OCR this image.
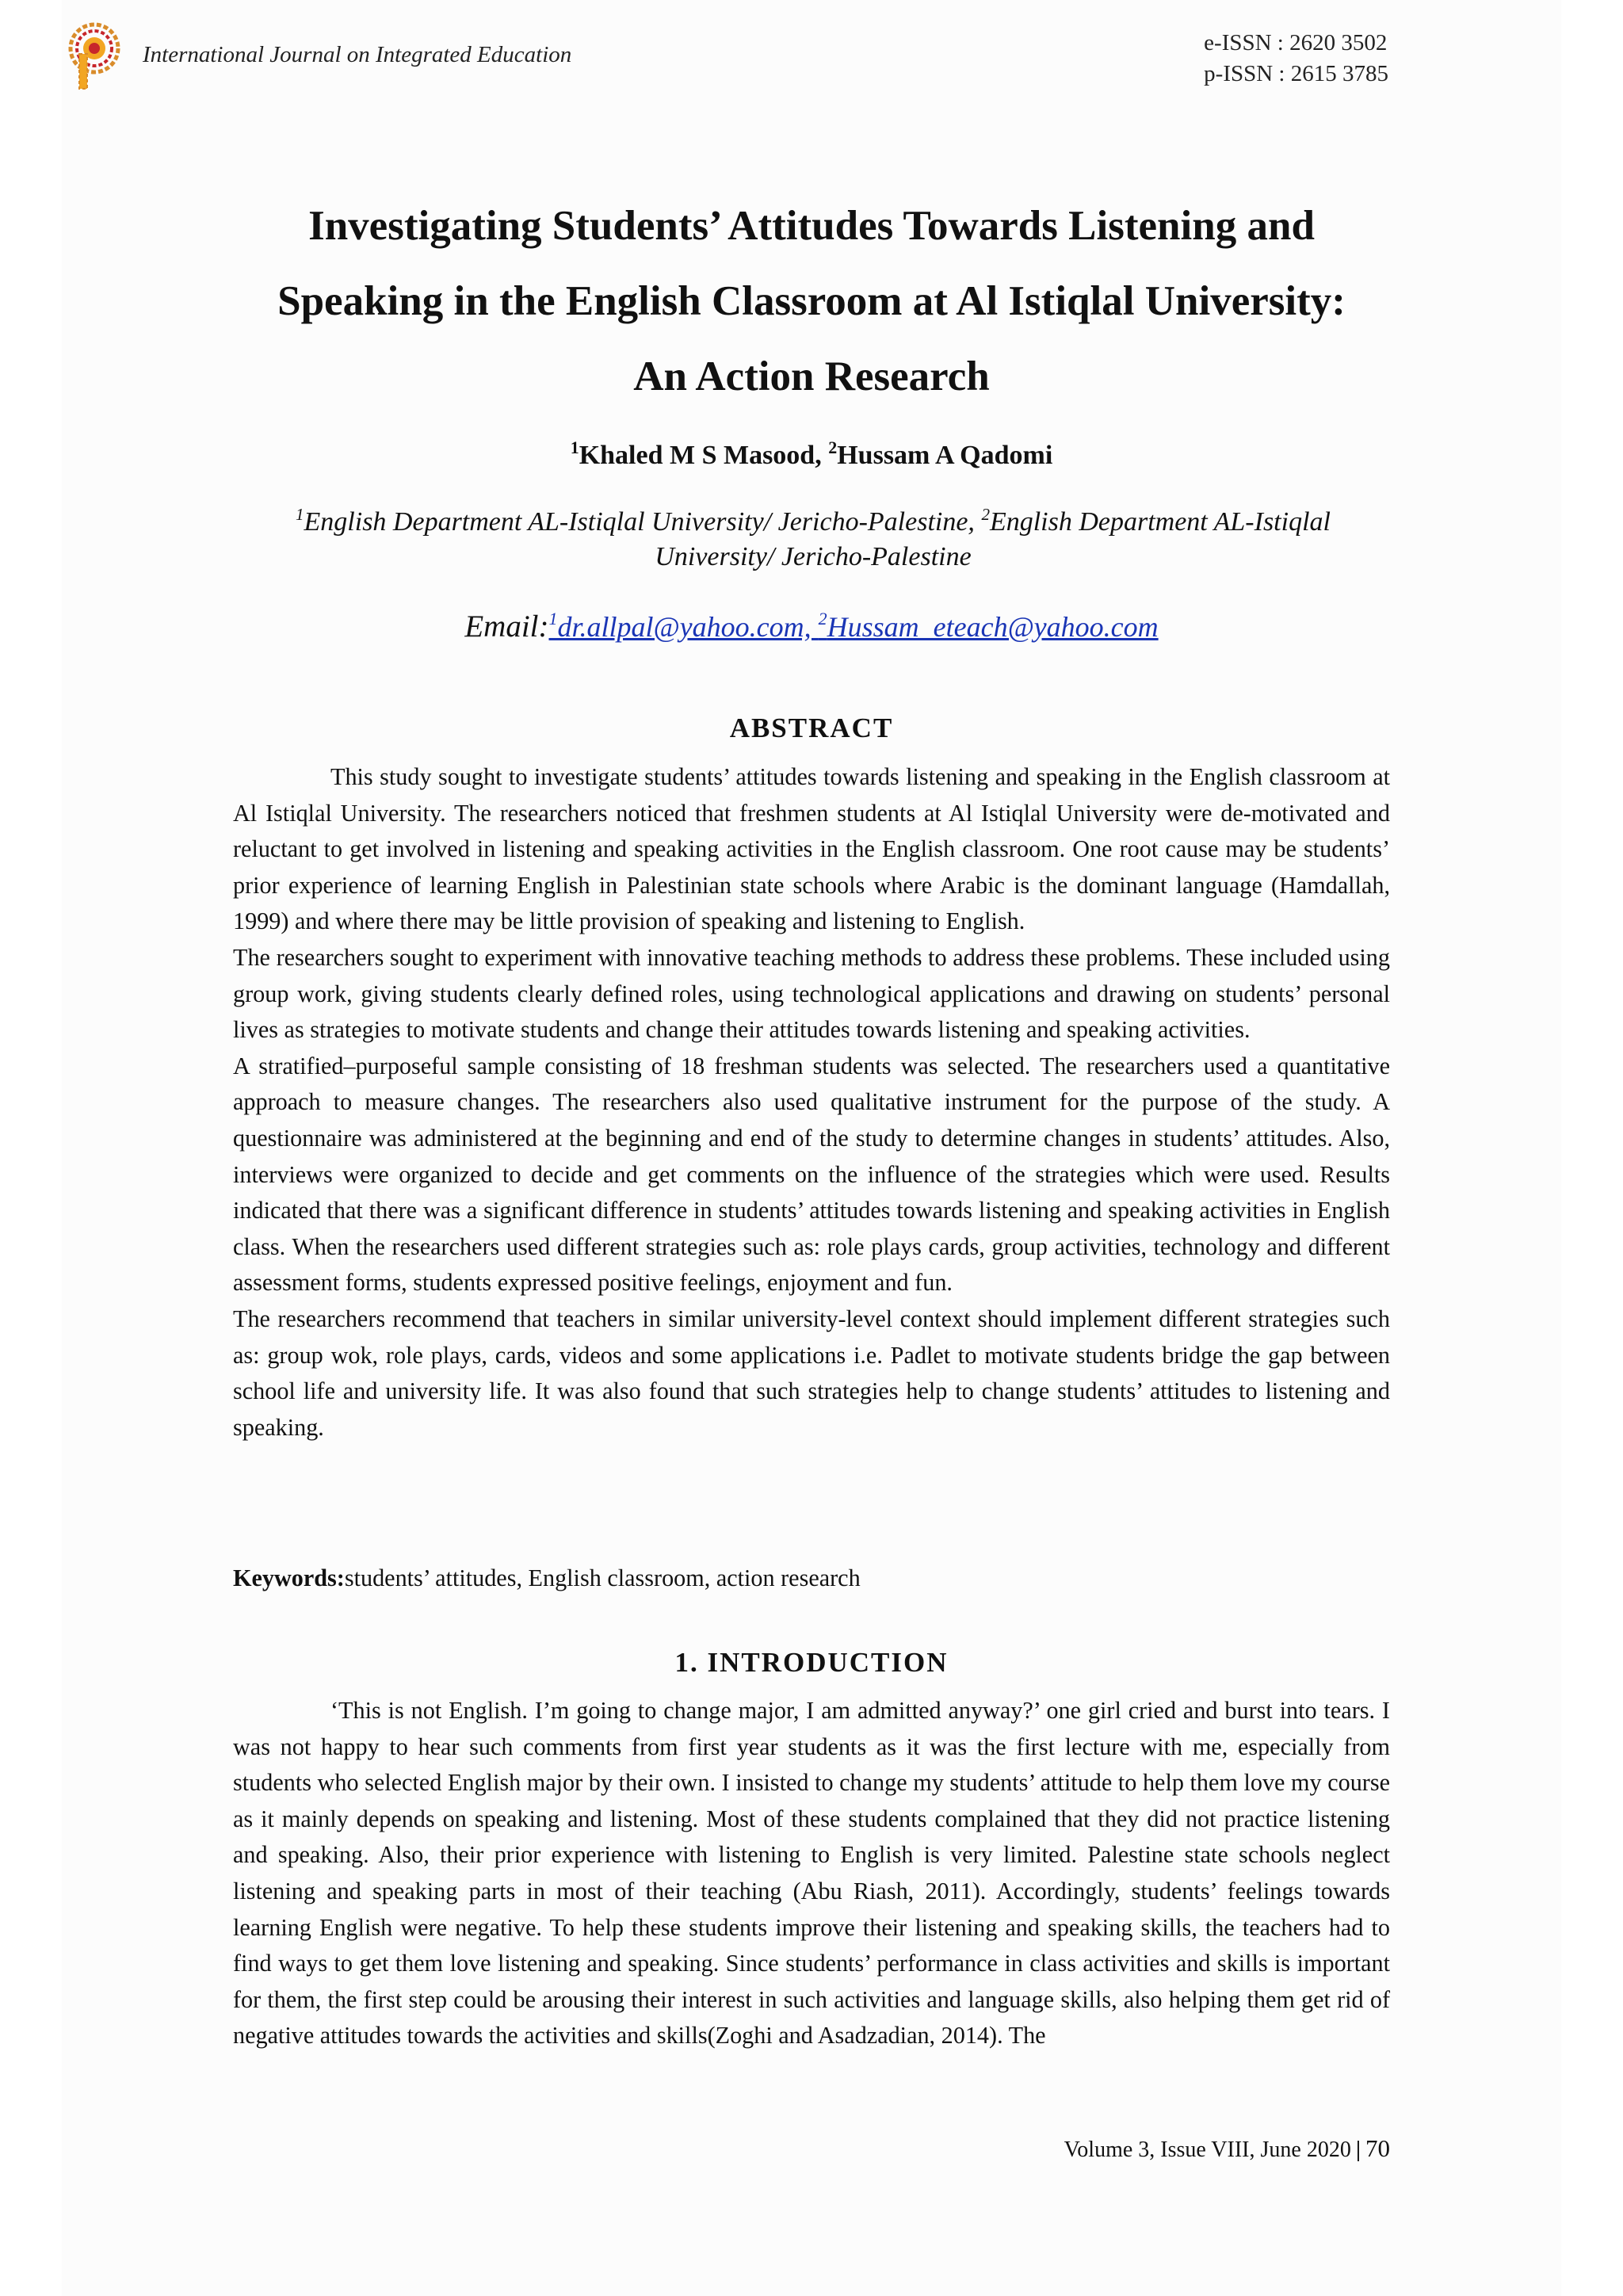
International Journal on Integrated Education	e-ISSN : 2620 3502
p-ISSN : 2615 3785
Investigating Students’ Attitudes Towards Listening and
Speaking in the English Classroom at Al Istiqlal University:
An Action Research
$^1$Khaled M S Masood, $^2$Hussam A Qadomi
$^1$English Department AL-Istiqlal University/ Jericho-Palestine, $^2$English Department AL-Istiqlal
University/ Jericho-Palestine
Email:$^1$dr.allpal@yahoo.com, $^2$Hussam_eteach@yahoo.com
ABSTRACT

This study sought to investigate students’ attitudes towards listening and speaking in the English classroom at Al Istiqlal University. The researchers noticed that freshmen students at Al Istiqlal University were de-motivated and reluctant to get involved in listening and speaking activities in the English classroom. One root cause may be students’ prior experience of learning English in Palestinian state schools where Arabic is the dominant language (Hamdallah, 1999) and where there may be little provision of speaking and listening to English.

The researchers sought to experiment with innovative teaching methods to address these problems. These included using group work, giving students clearly defined roles, using technological applications and drawing on students’ personal lives as strategies to motivate students and change their attitudes towards listening and speaking activities.

A stratified–purposeful sample consisting of 18 freshman students was selected. The researchers used a quantitative approach to measure changes. The researchers also used qualitative instrument for the purpose of the study. A questionnaire was administered at the beginning and end of the study to determine changes in students’ attitudes. Also, interviews were organized to decide and get comments on the influence of the strategies which were used. Results indicated that there was a significant difference in students’ attitudes towards listening and speaking activities in English class. When the researchers used different strategies such as: role plays cards, group activities, technology and different assessment forms, students expressed positive feelings, enjoyment and fun.

The researchers recommend that teachers in similar university-level context should implement different strategies such as: group wok, role plays, cards, videos and some applications i.e. Padlet to motivate students bridge the gap between school life and university life. It was also found that such strategies help to change students’ attitudes to listening and speaking.

Keywords:students’ attitudes, English classroom, action research
1. INTRODUCTION

‘This is not English. I’m going to change major, I am admitted anyway?’ one girl cried and burst into tears. I was not happy to hear such comments from first year students as it was the first lecture with me, especially from students who selected English major by their own. I insisted to change my students’ attitude to help them love my course as it mainly depends on speaking and listening. Most of these students complained that they did not practice listening and speaking. Also, their prior experience with listening to English is very limited. Palestine state schools neglect listening and speaking parts in most of their teaching (Abu Riash, 2011). Accordingly, students’ feelings towards learning English were negative. To help these students improve their listening and speaking skills, the teachers had to find ways to get them love listening and speaking. Since students’ performance in class activities and skills is important for them, the first step could be arousing their interest in such activities and language skills, also helping them get rid of negative attitudes towards the activities and skills(Zoghi and Asadzadian, 2014). The

Volume 3, Issue VIII, June 2020 | 70
